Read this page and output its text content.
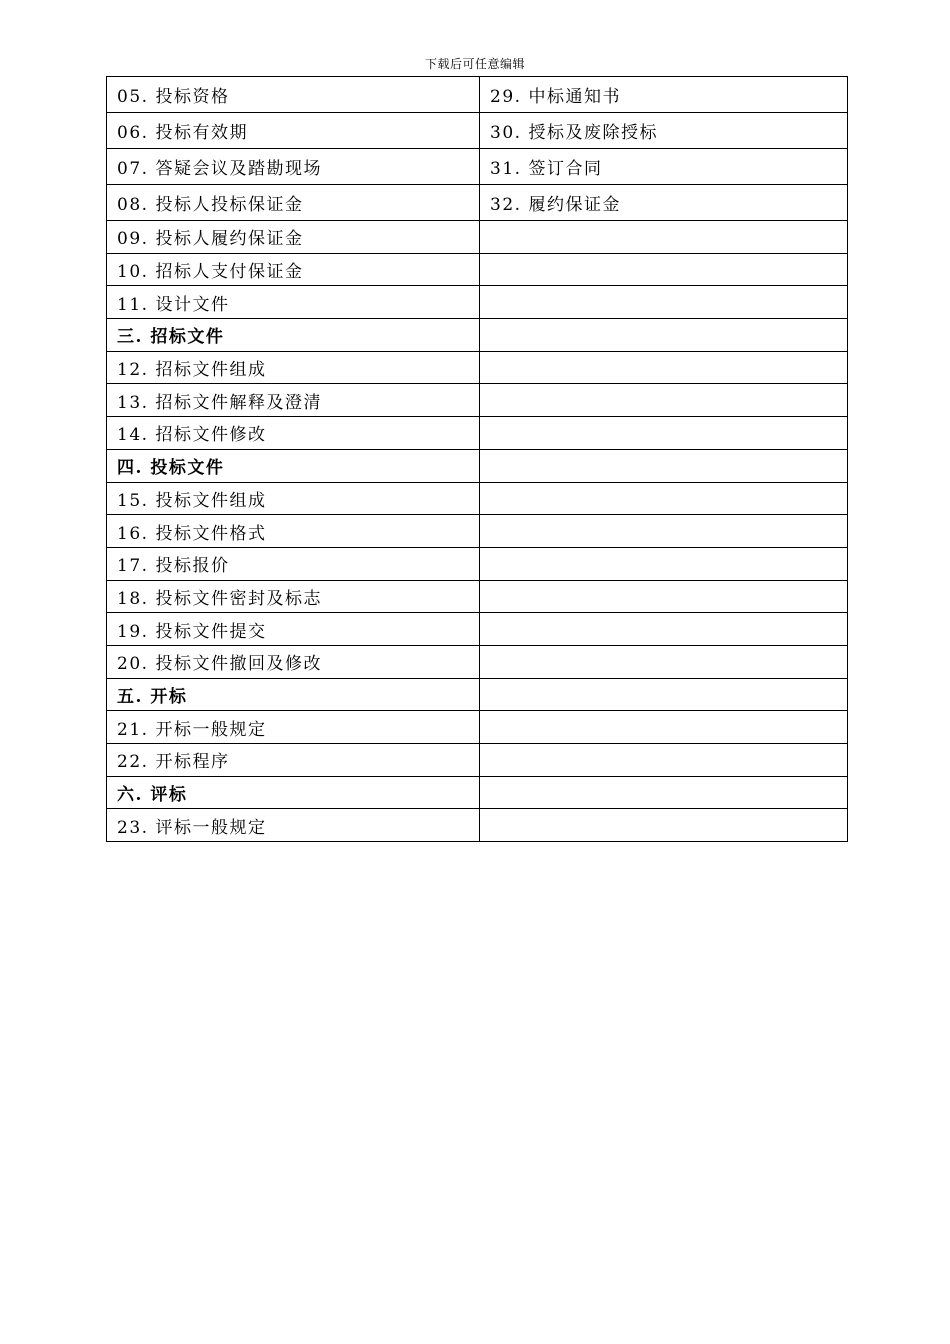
下载后可任意编辑
05. 投标资格	29. 中标通知书
06. 投标有效期	30. 授标及废除授标
07. 答疑会议及踏勘现场	31. 签订合同
08. 投标人投标保证金	32. 履约保证金
09. 投标人履约保证金	
10. 招标人支付保证金	
11. 设计文件	
三. 招标文件	
12. 招标文件组成	
13. 招标文件解释及澄清	
14. 招标文件修改	
四. 投标文件	
15. 投标文件组成	
16. 投标文件格式	
17. 投标报价	
18. 投标文件密封及标志	
19. 投标文件提交	
20. 投标文件撤回及修改	
五. 开标	
21. 开标一般规定	
22. 开标程序	
六. 评标	
23. 评标一般规定	
